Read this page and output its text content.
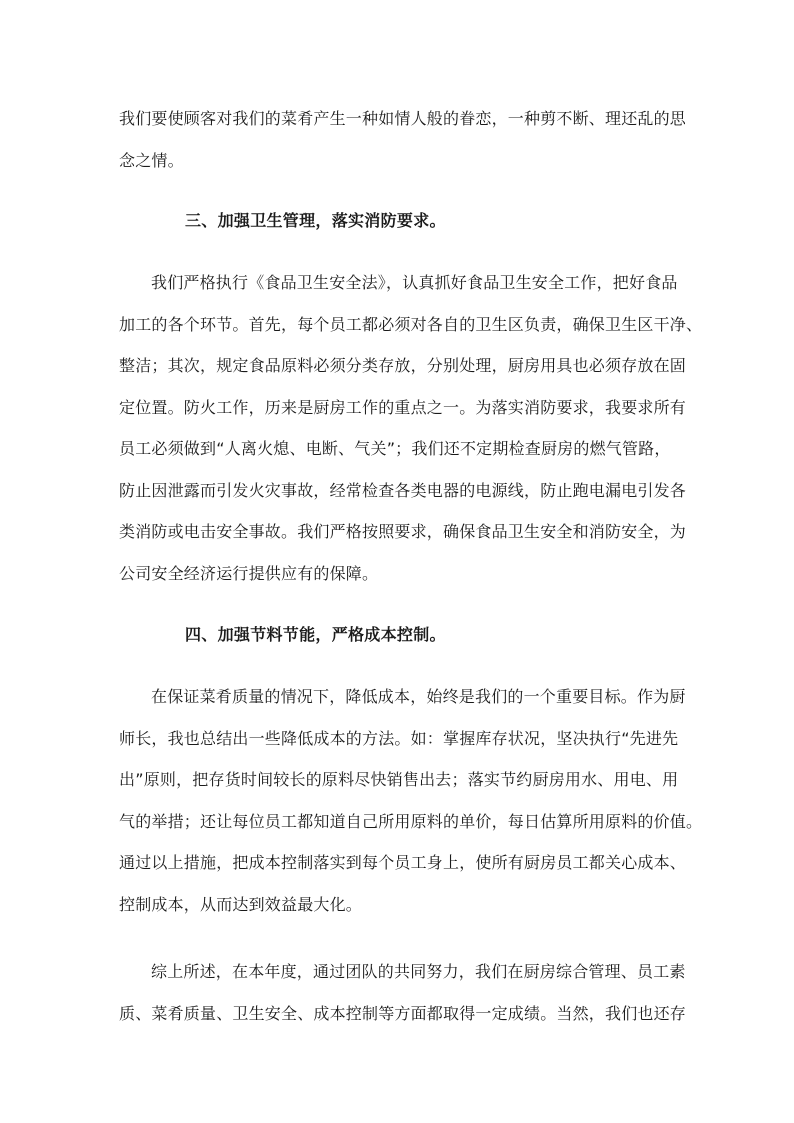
我们要使顾客对我们的菜肴产生一种如情人般的眷恋，一种剪不断、理还乱的思
念之情。

三、加强卫生管理，落实消防要求。

我们严格执行《食品卫生安全法》，认真抓好食品卫生安全工作，把好食品
加工的各个环节。首先，每个员工都必须对各自的卫生区负责，确保卫生区干净、
整洁；其次，规定食品原料必须分类存放，分别处理，厨房用具也必须存放在固
定位置。防火工作，历来是厨房工作的重点之一。为落实消防要求，我要求所有
员工必须做到“人离火熄、电断、气关”；我们还不定期检查厨房的燃气管路，
防止因泄露而引发火灾事故，经常检查各类电器的电源线，防止跑电漏电引发各
类消防或电击安全事故。我们严格按照要求，确保食品卫生安全和消防安全，为
公司安全经济运行提供应有的保障。

四、加强节料节能，严格成本控制。

在保证菜肴质量的情况下，降低成本，始终是我们的一个重要目标。作为厨
师长，我也总结出一些降低成本的方法。如：掌握库存状况，坚决执行“先进先
出”原则，把存货时间较长的原料尽快销售出去；落实节约厨房用水、用电、用
气的举措；还让每位员工都知道自己所用原料的单价，每日估算所用原料的价值。
通过以上措施，把成本控制落实到每个员工身上，使所有厨房员工都关心成本、
控制成本，从而达到效益最大化。

综上所述，在本年度，通过团队的共同努力，我们在厨房综合管理、员工素
质、菜肴质量、卫生安全、成本控制等方面都取得一定成绩。当然，我们也还存
